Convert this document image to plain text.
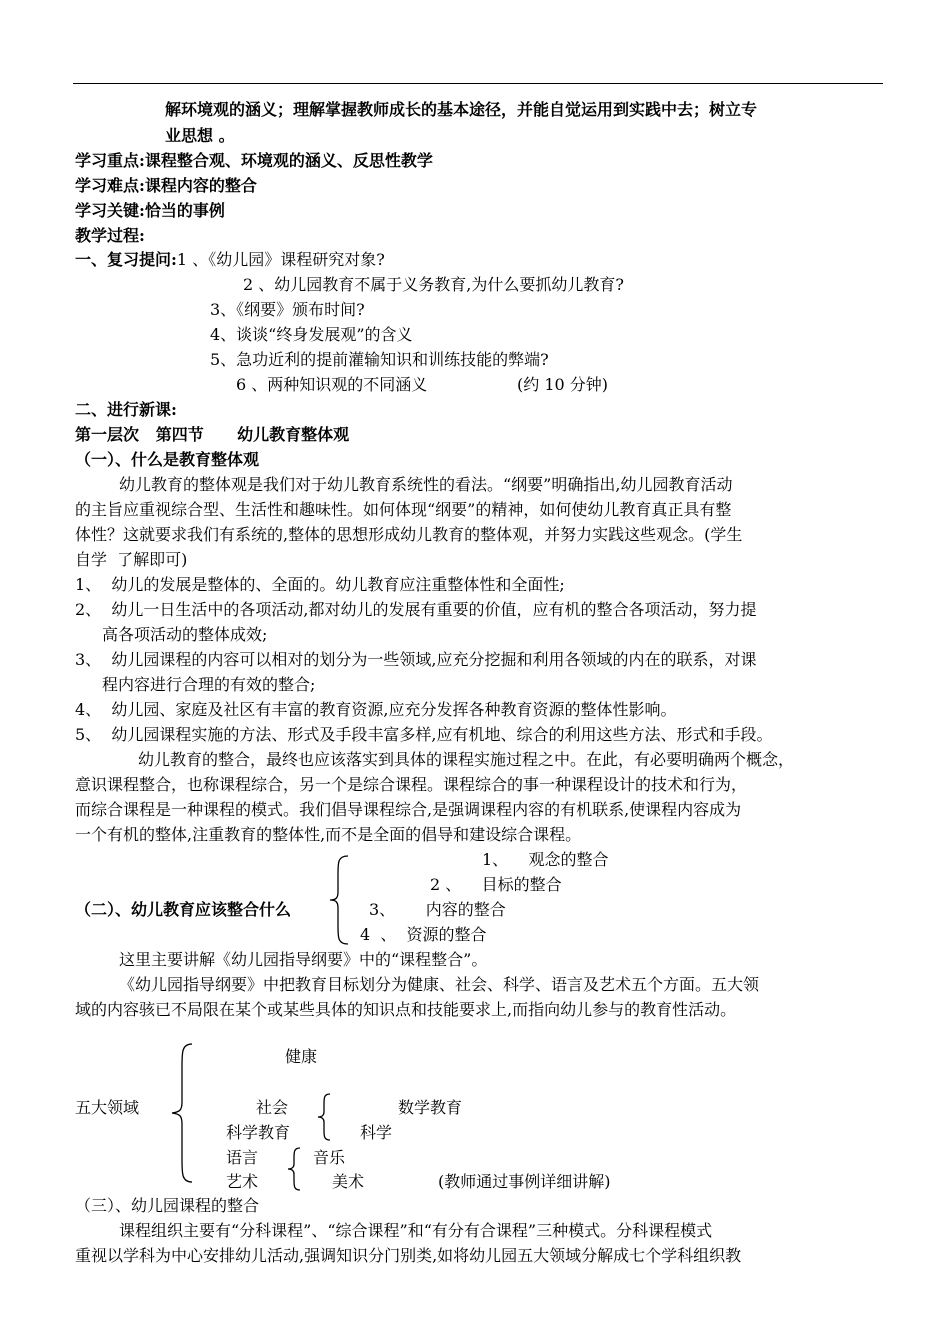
解环境观的涵义；理解掌握教师成长的基本途径，并能自觉运用到实践中去；树立专
业思想 。
学习重点:课程整合观、环境观的涵义、反思性教学
学习难点:课程内容的整合
学习关键:恰当的事例
教学过程:
一、复习提问:1 、《幼儿园》课程研究对象?
2 、幼儿园教育不属于义务教育,为什么要抓幼儿教育?
3、《纲要》颁布时间?
4、谈谈“终身发展观”的含义
5、急功近利的提前灌输知识和训练技能的弊端?
6 、两种知识观的不同涵义	(约 10 分钟)
二、进行新课:
第一层次   第四节      幼儿教育整体观
（一）、什么是教育整体观
幼儿教育的整体观是我们对于幼儿教育系统性的看法。“纲要”明确指出,幼儿园教育活动
的主旨应重视综合型、生活性和趣味性。如何体现“纲要”的精神，如何使幼儿教育真正具有整
体性？这就要求我们有系统的,整体的思想形成幼儿教育的整体观，并努力实践这些观念。(学生
自学  了解即可)
1、  幼儿的发展是整体的、全面的。幼儿教育应注重整体性和全面性;
2、  幼儿一日生活中的各项活动,都对幼儿的发展有重要的价值，应有机的整合各项活动，努力提
高各项活动的整体成效;
3、  幼儿园课程的内容可以相对的划分为一些领域,应充分挖掘和利用各领域的内在的联系，对课
程内容进行合理的有效的整合;
4、  幼儿园、家庭及社区有丰富的教育资源,应充分发挥各种教育资源的整体性影响。
5、  幼儿园课程实施的方法、形式及手段丰富多样,应有机地、综合的利用这些方法、形式和手段。
幼儿教育的整合，最终也应该落实到具体的课程实施过程之中。在此，有必要明确两个概念，
意识课程整合，也称课程综合，另一个是综合课程。课程综合的事一种课程设计的技术和行为，
而综合课程是一种课程的模式。我们倡导课程综合,是强调课程内容的有机联系,使课程内容成为
一个有机的整体,注重教育的整体性,而不是全面的倡导和建设综合课程。
1、    观念的整合
2 、    目标的整合
（二）、幼儿教育应该整合什么	3、      内容的整合
4  、  资源的整合
这里主要讲解《幼儿园指导纲要》中的“课程整合”。
《幼儿园指导纲要》中把教育目标划分为健康、社会、科学、语言及艺术五个方面。五大领
域的内容骇已不局限在某个或某些具体的知识点和技能要求上,而指向幼儿参与的教育性活动。
健康
五大领域	社会	数学教育
科学教育	科学
语言	音乐
艺术	美术	(教师通过事例详细讲解)
（三）、幼儿园课程的整合
课程组织主要有“分科课程”、“综合课程”和“有分有合课程”三种模式。分科课程模式
重视以学科为中心安排幼儿活动,强调知识分门别类,如将幼儿园五大领域分解成七个学科组织教
